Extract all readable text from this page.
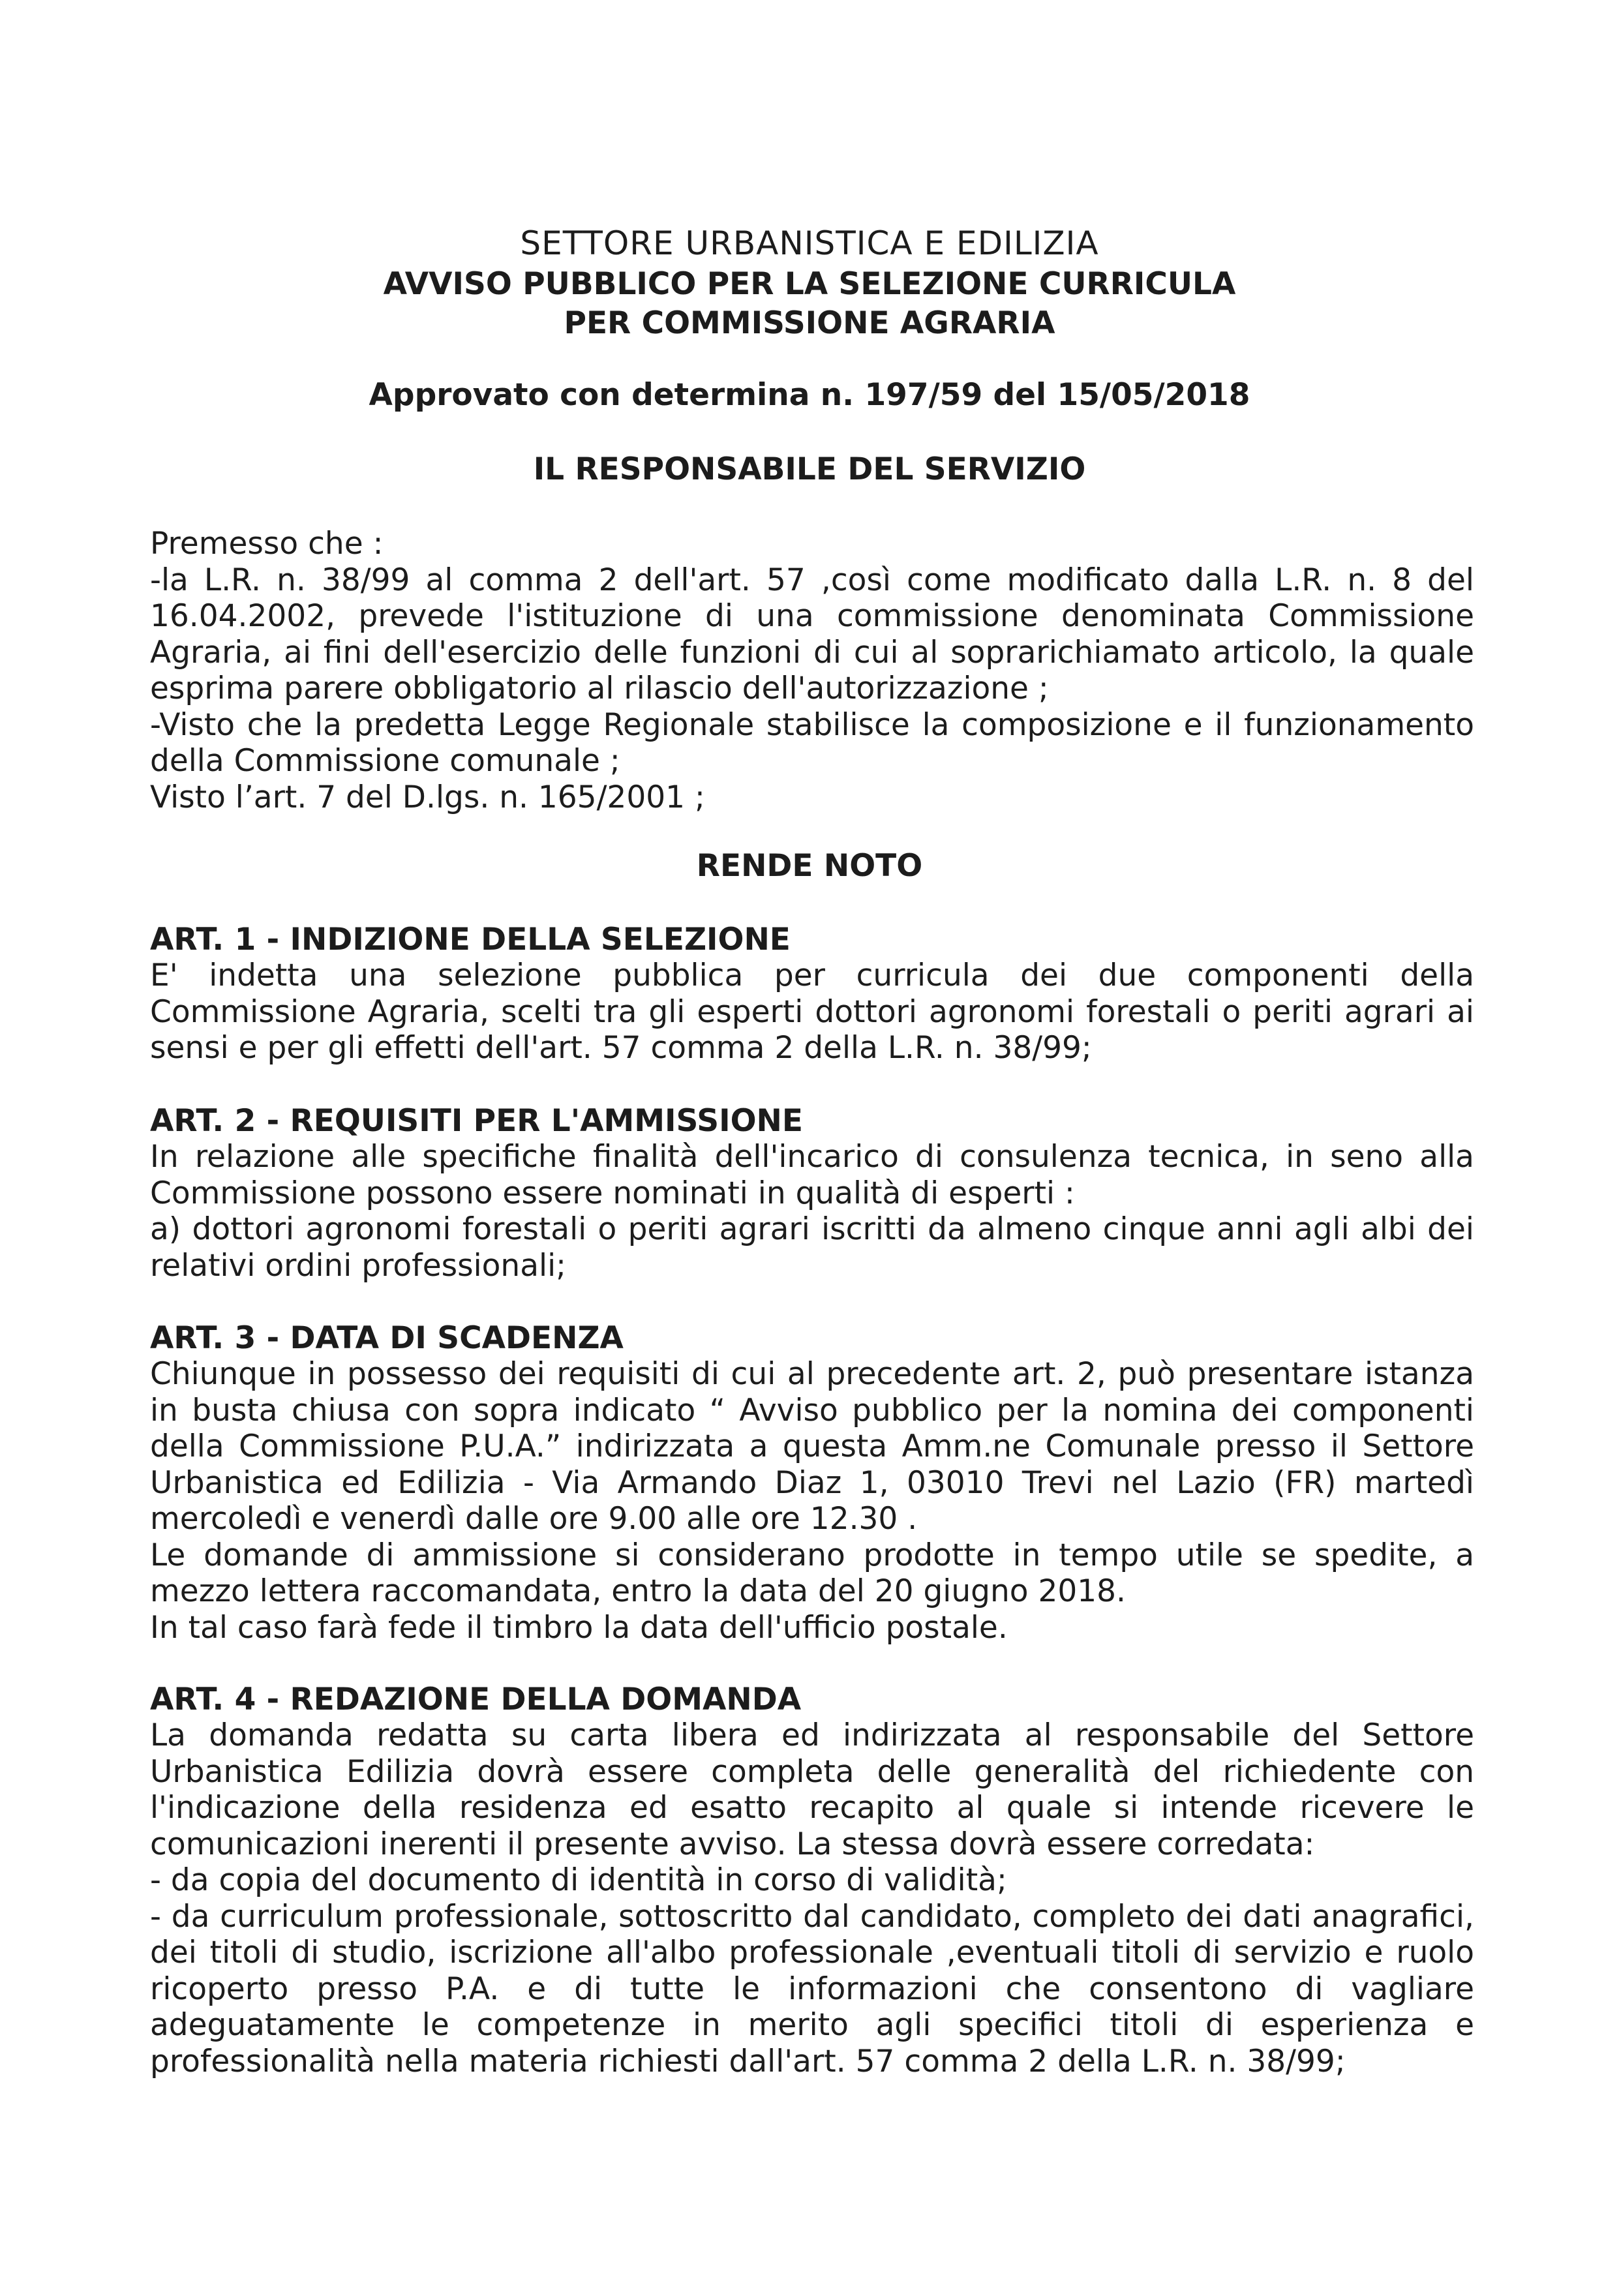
SETTORE URBANISTICA E EDILIZIA
AVVISO PUBBLICO PER LA SELEZIONE CURRICULA
PER COMMISSIONE AGRARIA
Approvato con determina n. 197/59 del 15/05/2018
IL RESPONSABILE DEL SERVIZIO

Premesso che :

-la L.R. n. 38/99 al comma 2 dell'art. 57 ,così come modificato dalla L.R. n. 8 del 16.04.2002, prevede l'istituzione di una commissione denominata Commissione Agraria, ai fini dell'esercizio delle funzioni di cui al soprarichiamato articolo, la quale esprima parere obbligatorio al rilascio dell'autorizzazione ;

-Visto che la predetta Legge Regionale stabilisce la composizione e il funzionamento della Commissione comunale ;

Visto l’art. 7 del D.lgs. n. 165/2001 ;

RENDE NOTO
ART. 1 - INDIZIONE DELLA SELEZIONE
E' indetta una selezione pubblica per curricula dei due componenti della Commissione Agraria, scelti tra gli esperti dottori agronomi forestali o periti agrari ai sensi e per gli effetti dell'art. 57 comma 2 della L.R. n. 38/99;
ART. 2 - REQUISITI PER L'AMMISSIONE

In relazione alle specifiche finalità dell'incarico di consulenza tecnica, in seno alla Commissione possono essere nominati in qualità di esperti :

a) dottori agronomi forestali o periti agrari iscritti da almeno cinque anni agli albi dei relativi ordini professionali;

ART. 3 - DATA DI SCADENZA

Chiunque in possesso dei requisiti di cui al precedente art. 2, può presentare istanza in busta chiusa con sopra indicato “ Avviso pubblico per la nomina dei componenti della Commissione P.U.A.” indirizzata a questa Amm.ne Comunale presso il Settore Urbanistica ed Edilizia - Via Armando Diaz 1, 03010 Trevi nel Lazio (FR) martedì mercoledì e venerdì dalle ore 9.00 alle ore 12.30 .

Le domande di ammissione si considerano prodotte in tempo utile se spedite, a mezzo lettera raccomandata, entro la data del 20 giugno 2018.

In tal caso farà fede il timbro la data dell'ufficio postale.

ART. 4 - REDAZIONE DELLA DOMANDA

La domanda redatta su carta libera ed indirizzata al responsabile del Settore Urbanistica Edilizia dovrà essere completa delle generalità del richiedente con l'indicazione della residenza ed esatto recapito al quale si intende ricevere le comunicazioni inerenti il presente avviso. La stessa dovrà essere corredata:

- da copia del documento di identità in corso di validità;

- da curriculum professionale, sottoscritto dal candidato, completo dei dati anagrafici, dei titoli di studio, iscrizione all'albo professionale ,eventuali titoli di servizio e ruolo ricoperto presso P.A. e di tutte le informazioni che consentono di vagliare adeguatamente le competenze in merito agli specifici titoli di esperienza e professionalità nella materia richiesti dall'art. 57 comma 2 della L.R. n. 38/99;
